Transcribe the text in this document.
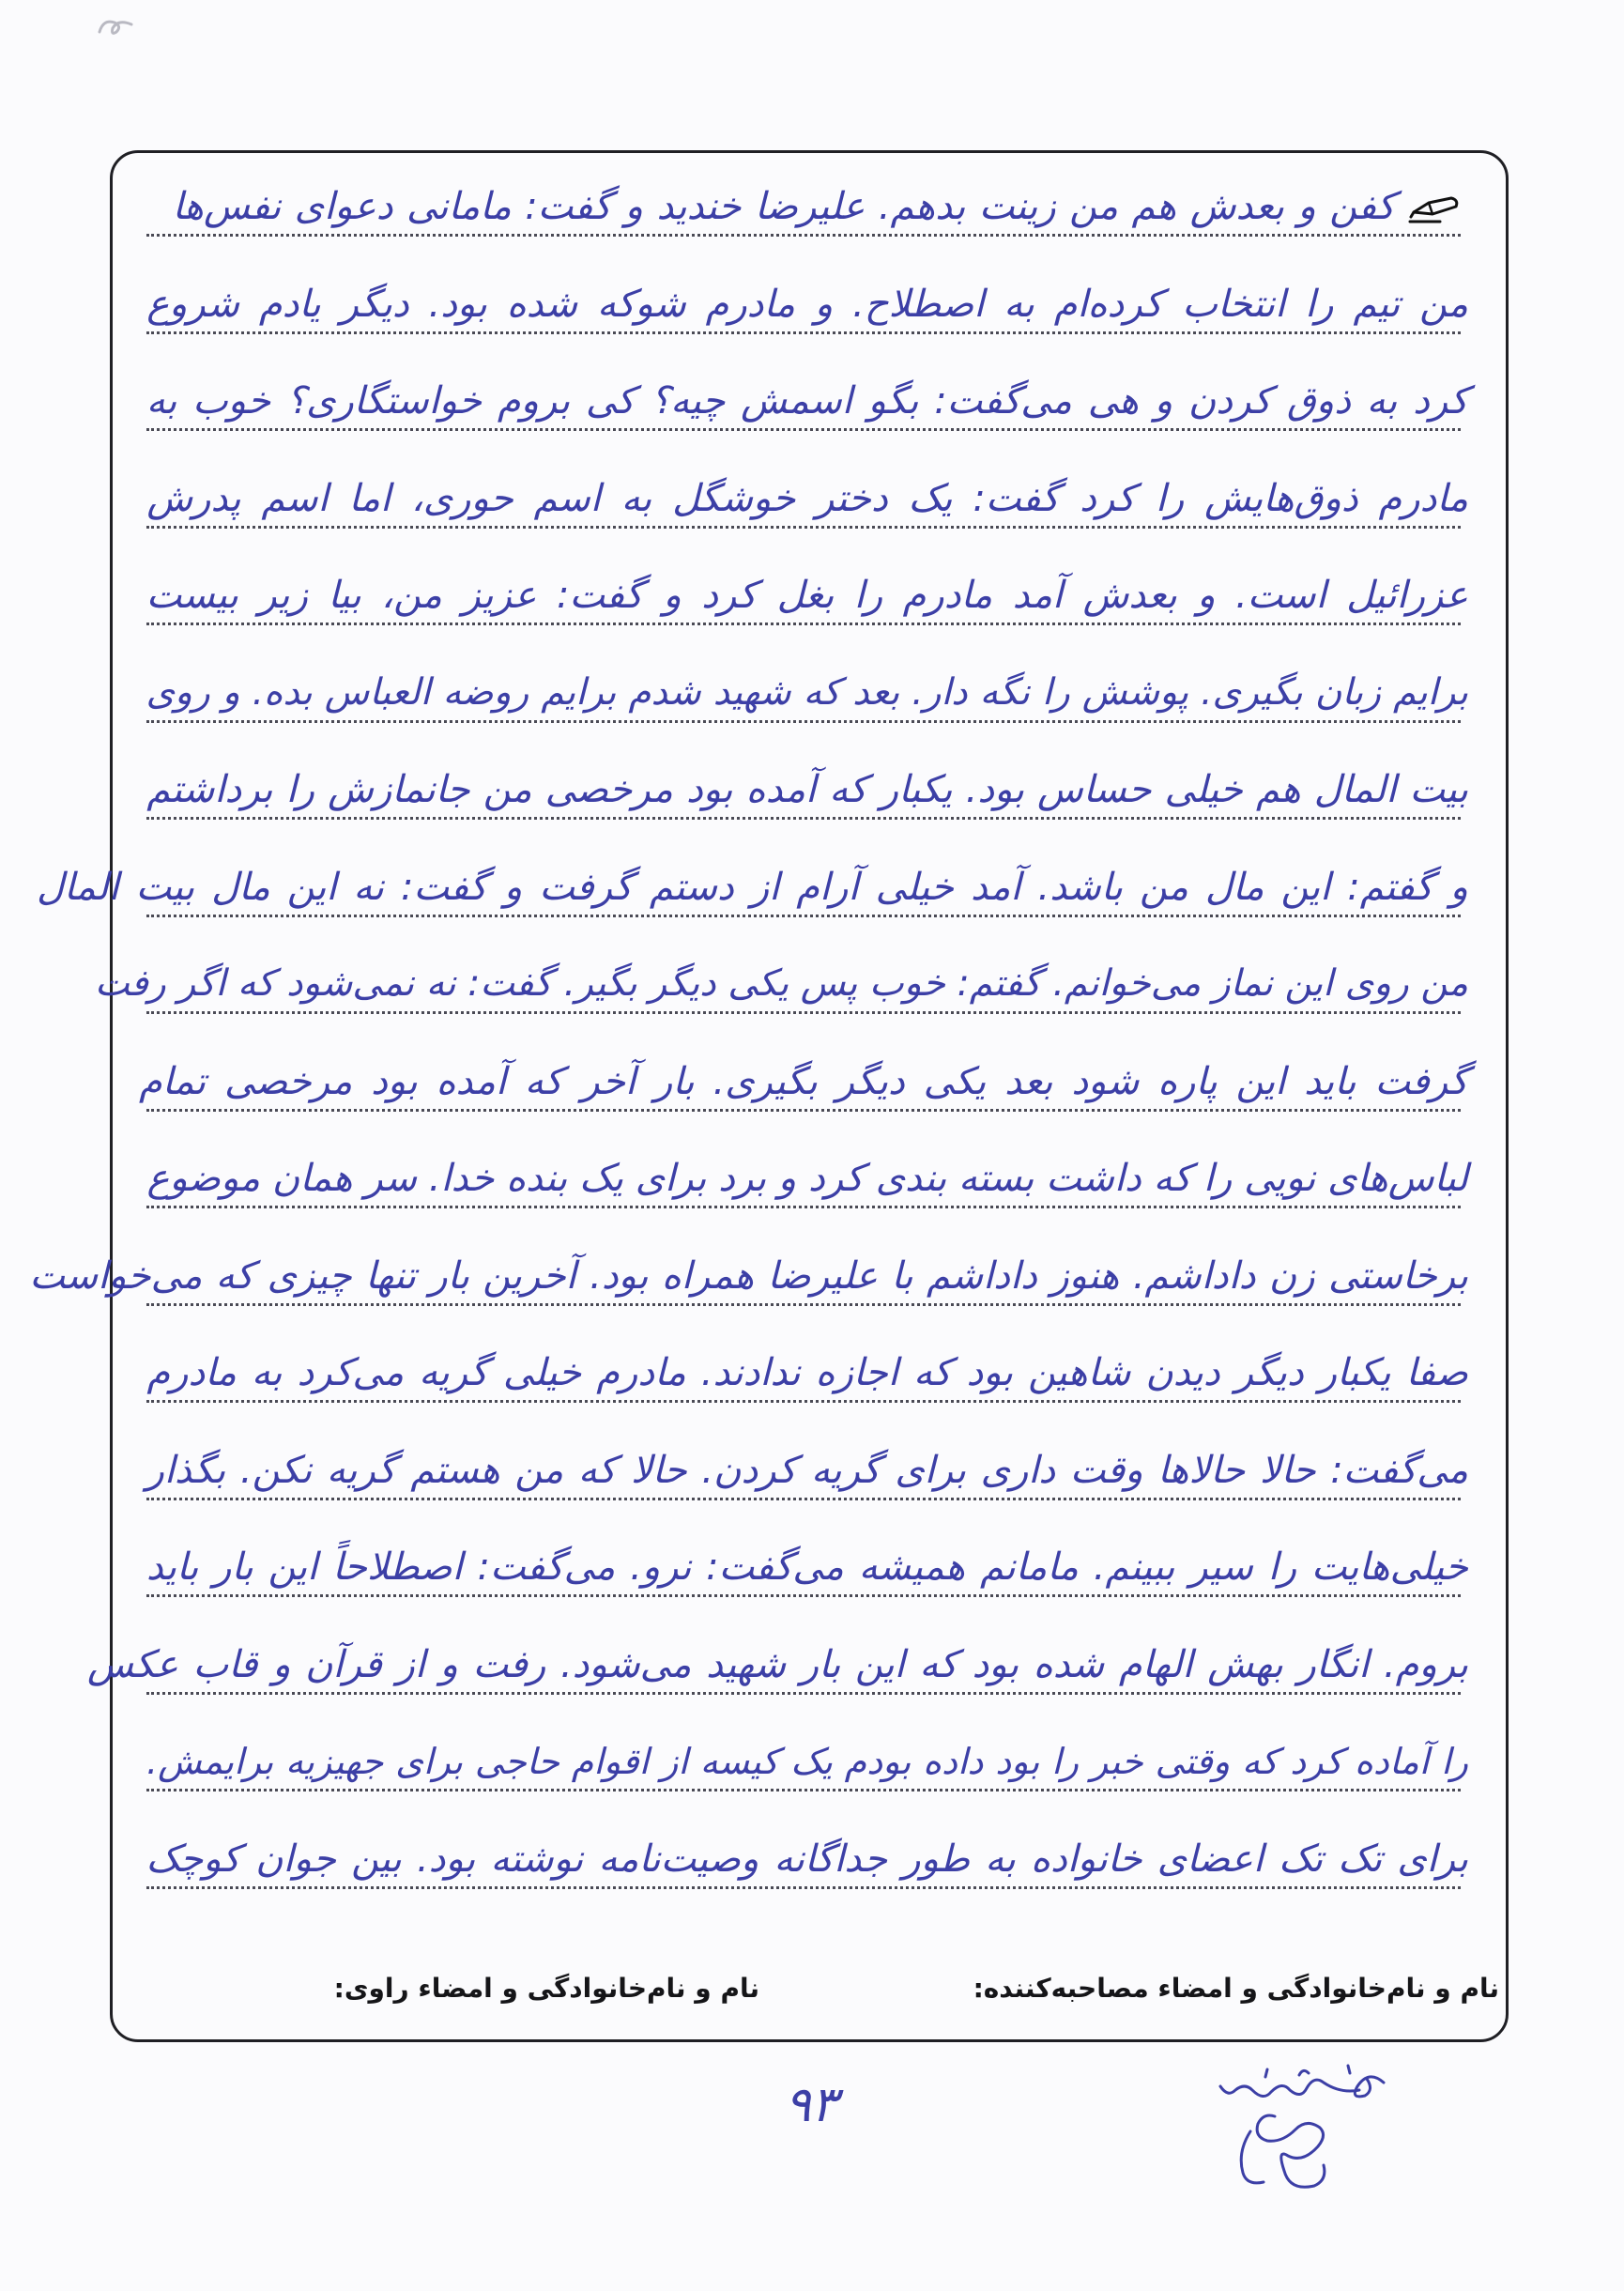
کفن و بعدش هم من زینت بدهم. علیرضا خندید و گفت: مامانی دعوای نفس‌ها
من تیم را انتخاب کرده‌ام به اصطلاح. و مادرم شوکه شده بود. دیگر یادم شروع
کرد به ذوق کردن و هی می‌گفت: بگو اسمش چیه؟ کی بروم خواستگاری؟ خوب به
مادرم ذوق‌هایش را کرد گفت: یک دختر خوشگل به اسم حوری، اما اسم پدرش
عزرائیل است. و بعدش آمد مادرم را بغل کرد و گفت: عزیز من، بیا زیر بیست
برایم زبان بگیری. پوشش را نگه دار. بعد که شهید شدم برایم روضه العباس بده. و روی
بیت المال هم خیلی حساس بود. یکبار که آمده بود مرخصی من جانمازش را برداشتم
و گفتم: این مال من باشد. آمد خیلی آرام از دستم گرفت و گفت: نه این مال بیت المال
من روی این نماز می‌خوانم. گفتم: خوب پس یکی دیگر بگیر. گفت: نه نمی‌شود که اگر رفت
گرفت باید این پاره شود بعد یکی دیگر بگیری. بار آخر که آمده بود مرخصی تمام
لباس‌های نویی را که داشت بسته بندی کرد و برد برای یک بنده خدا. سر همان موضوع
برخاستی زن داداشم. هنوز داداشم با علیرضا همراه بود. آخرین بار تنها چیزی که می‌خواست
صفا یکبار دیگر دیدن شاهین بود که اجازه ندادند. مادرم خیلی گریه می‌کرد به مادرم
می‌گفت: حالا حالاها وقت داری برای گریه کردن. حالا که من هستم گریه نکن. بگذار
خیلی‌هایت را سیر ببینم. مامانم همیشه می‌گفت: نرو. می‌گفت: اصطلاحاً این بار باید
بروم. انگار بهش الهام شده بود که این بار شهید می‌شود. رفت و از قرآن و قاب عکس
را آماده کرد که وقتی خبر را بود داده بودم یک کیسه از اقوام حاجی برای جهیزیه برایمش.
برای تک تک اعضای خانواده به طور جداگانه وصیت‌نامه نوشته بود. بین جوان کوچک
نام و نام‌خانوادگی و امضاء مصاحبه‌کننده:
نام و نام‌خانوادگی و امضاء راوی:
۹۳
